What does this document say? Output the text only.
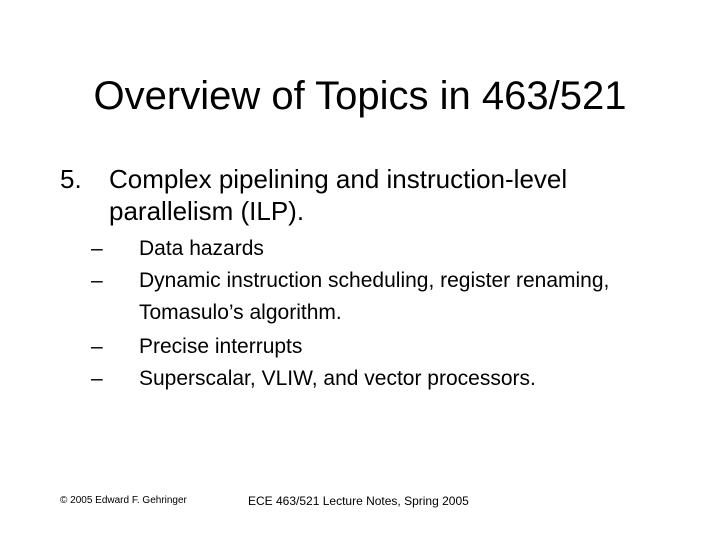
Overview of Topics in 463/521
5.	Complex pipelining and instruction-level parallelism (ILP).
–	Data hazards
–	Dynamic instruction scheduling, register renaming, Tomasulo’s algorithm.
–	Precise interrupts
–	Superscalar, VLIW, and vector processors.
© 2005 Edward F. Gehringer	ECE 463/521 Lecture Notes, Spring 2005
